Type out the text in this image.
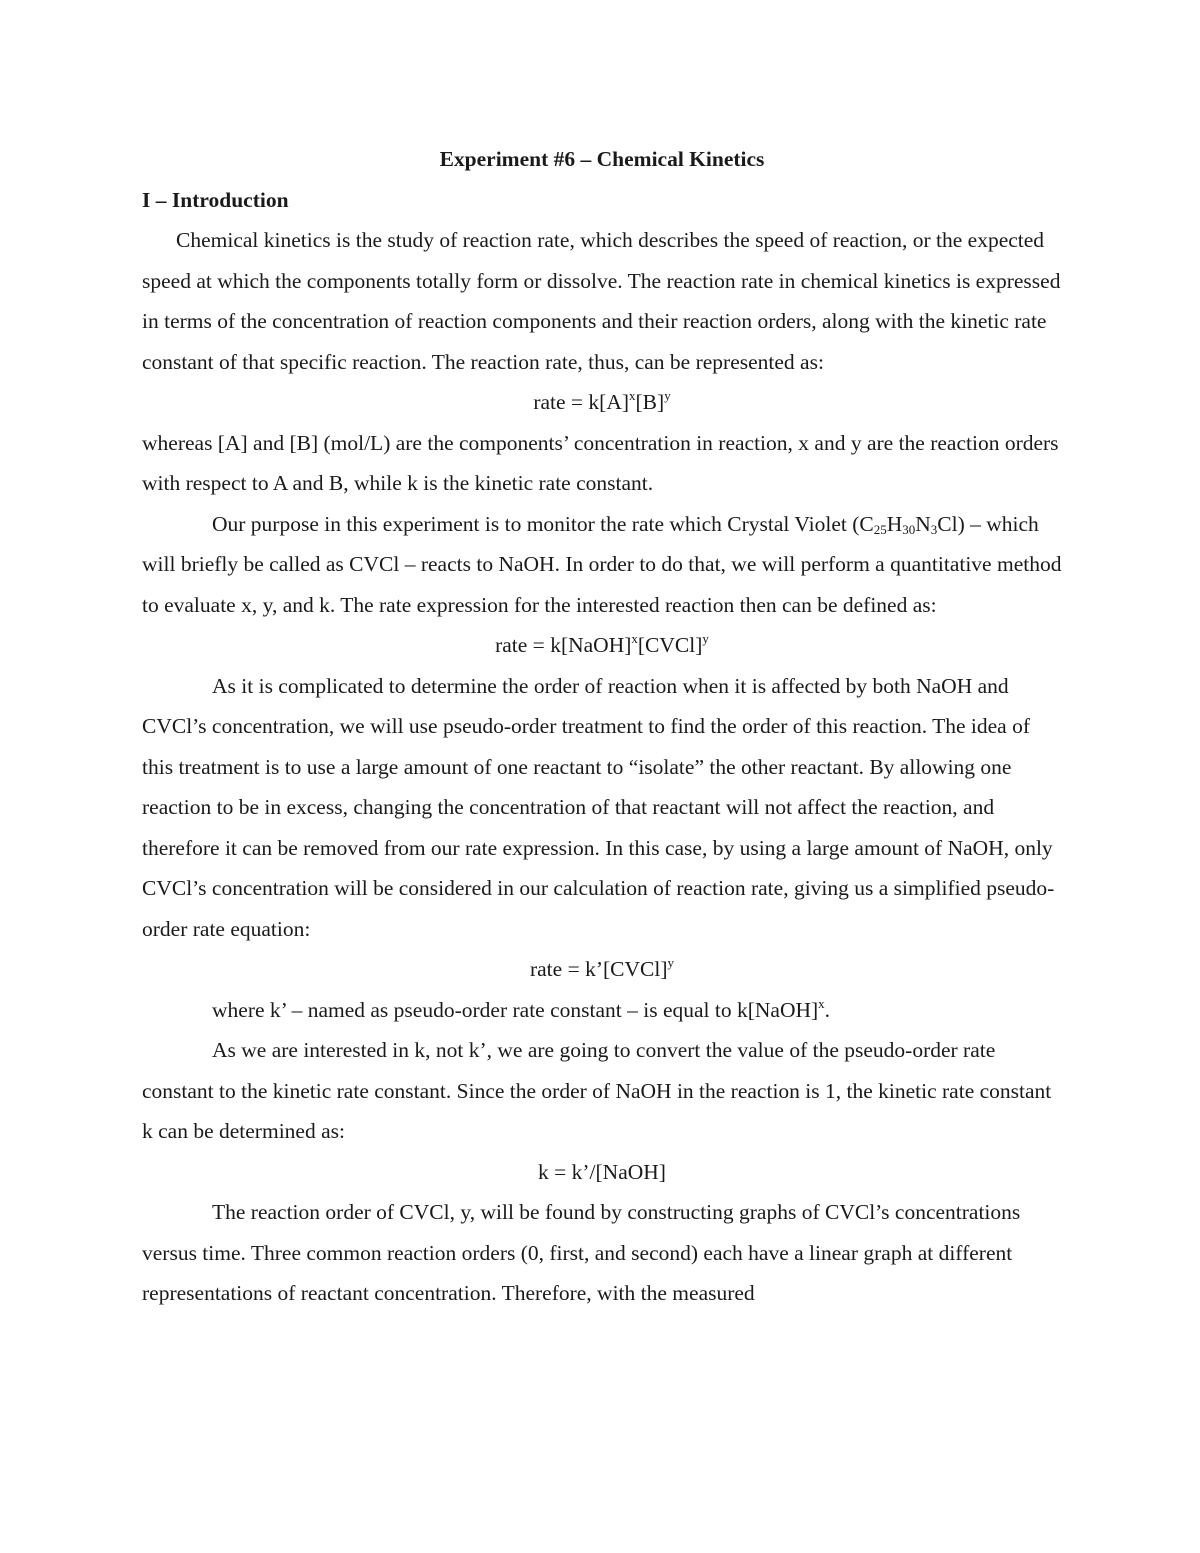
Experiment #6 – Chemical Kinetics

I – Introduction

Chemical kinetics is the study of reaction rate, which describes the speed of reaction, or the expected speed at which the components totally form or dissolve. The reaction rate in chemical kinetics is expressed in terms of the concentration of reaction components and their reaction orders, along with the kinetic rate constant of that specific reaction. The reaction rate, thus, can be represented as:

rate = $k[A]^x[B]^y$

whereas [A] and [B] (mol/L) are the components’ concentration in reaction, x and y are the reaction orders with respect to A and B, while k is the kinetic rate constant.

Our purpose in this experiment is to monitor the rate which Crystal Violet $(C_{25}H_{30}N_3Cl)$ – which will briefly be called as CVCl – reacts to NaOH. In order to do that, we will perform a quantitative method to evaluate x, y, and k. The rate expression for the interested reaction then can be defined as:

rate = k[NaOH]$^x$[CVCl]$^y$

As it is complicated to determine the order of reaction when it is affected by both NaOH and CVCl’s concentration, we will use pseudo-order treatment to find the order of this reaction. The idea of this treatment is to use a large amount of one reactant to “isolate” the other reactant. By allowing one reaction to be in excess, changing the concentration of that reactant will not affect the reaction, and therefore it can be removed from our rate expression. In this case, by using a large amount of NaOH, only CVCl’s concentration will be considered in our calculation of reaction rate, giving us a simplified pseudo-order rate equation:

rate = k’[CVCl]$^y$

where k’ – named as pseudo-order rate constant – is equal to k[NaOH]$^x$.

As we are interested in k, not k’, we are going to convert the value of the pseudo-order rate constant to the kinetic rate constant. Since the order of NaOH in the reaction is 1, the kinetic rate constant k can be determined as:

k = k’/[NaOH]

The reaction order of CVCl, y, will be found by constructing graphs of CVCl’s concentrations versus time. Three common reaction orders (0, first, and second) each have a linear graph at different representations of reactant concentration. Therefore, with the measured
